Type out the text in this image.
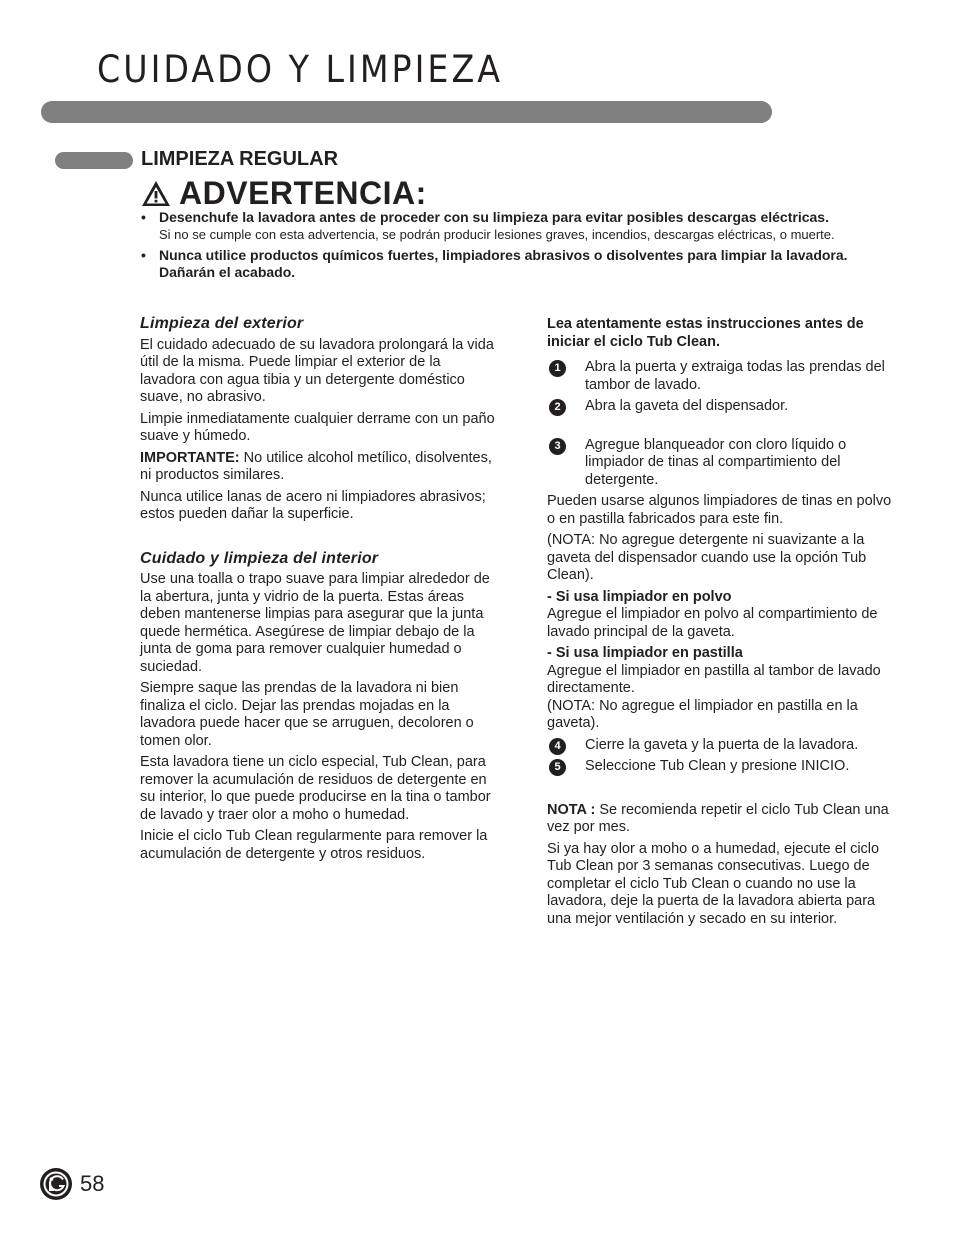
CUIDADO Y LIMPIEZA
LIMPIEZA REGULAR
ADVERTENCIA:
• Desenchufe la lavadora antes de proceder con su limpieza para evitar posibles descargas eléctricas.
Si no se cumple con esta advertencia, se podrán producir lesiones graves, incendios, descargas eléctricas, o muerte.
• Nunca utilice productos químicos fuertes, limpiadores abrasivos o disolventes para limpiar la lavadora. Dañarán el acabado.

Limpieza del exterior

El cuidado adecuado de su lavadora prolongará la vida útil de la misma. Puede limpiar el exterior de la lavadora con agua tibia y un detergente doméstico suave, no abrasivo.

Limpie inmediatamente cualquier derrame con un paño suave y húmedo.

IMPORTANTE: No utilice alcohol metílico, disolventes, ni productos similares.

Nunca utilice lanas de acero ni limpiadores abrasivos; estos pueden dañar la superficie.

Cuidado y limpieza del interior

Use una toalla o trapo suave para limpiar alrededor de la abertura, junta y vidrio de la puerta. Estas áreas deben mantenerse limpias para asegurar que la junta quede hermética. Asegúrese de limpiar debajo de la junta de goma para remover cualquier humedad o suciedad.

Siempre saque las prendas de la lavadora ni bien finaliza el ciclo. Dejar las prendas mojadas en la lavadora puede hacer que se arruguen, decoloren o tomen olor.

Esta lavadora tiene un ciclo especial, Tub Clean, para remover la acumulación de residuos de detergente en su interior, lo que puede producirse en la tina o tambor de lavado y traer olor a moho o humedad.

Inicie el ciclo Tub Clean regularmente para remover la acumulación de detergente y otros residuos.

Lea atentamente estas instrucciones antes de iniciar el ciclo Tub Clean.

1	Abra la puerta y extraiga todas las prendas del tambor de lavado.

2	Abra la gaveta del dispensador.

3	Agregue blanqueador con cloro líquido o limpiador de tinas al compartimiento del detergente.

Pueden usarse algunos limpiadores de tinas en polvo o en pastilla fabricados para este fin.

(NOTA: No agregue detergente ni suavizante a la gaveta del dispensador cuando use la opción Tub Clean).

- Si usa limpiador en polvo

Agregue el limpiador en polvo al compartimiento de lavado principal de la gaveta.

- Si usa limpiador en pastilla

Agregue el limpiador en pastilla al tambor de lavado directamente.

(NOTA: No agregue el limpiador en pastilla en la gaveta).

4	Cierre la gaveta y la puerta de la lavadora.

5	Seleccione Tub Clean y presione INICIO.

NOTA : Se recomienda repetir el ciclo Tub Clean una vez por mes.

Si ya hay olor a moho o a humedad, ejecute el ciclo Tub Clean por 3 semanas consecutivas. Luego de completar el ciclo Tub Clean o cuando no use la lavadora, deje la puerta de la lavadora abierta para una mejor ventilación y secado en su interior.

58
